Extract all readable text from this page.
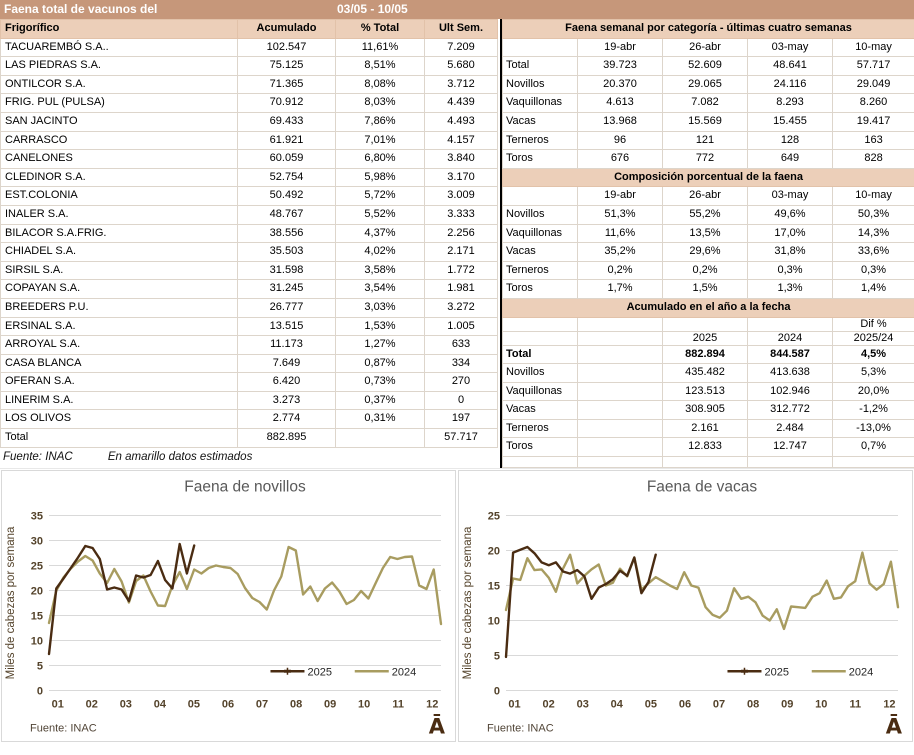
Faena total de vacunos del	03/05 - 10/05
Frigorífico	Acumulado	% Total	Ult Sem.
TACUAREMBÓ S.A..	102.547	11,61%	7.209
LAS PIEDRAS S.A.	75.125	8,51%	5.680
ONTILCOR S.A.	71.365	8,08%	3.712
FRIG. PUL (PULSA)	70.912	8,03%	4.439
SAN JACINTO	69.433	7,86%	4.493
CARRASCO	61.921	7,01%	4.157
CANELONES	60.059	6,80%	3.840
CLEDINOR S.A.	52.754	5,98%	3.170
EST.COLONIA	50.492	5,72%	3.009
INALER S.A.	48.767	5,52%	3.333
BILACOR S.A.FRIG.	38.556	4,37%	2.256
CHIADEL S.A.	35.503	4,02%	2.171
SIRSIL S.A.	31.598	3,58%	1.772
COPAYAN S.A.	31.245	3,54%	1.981
BREEDERS P.U.	26.777	3,03%	3.272
ERSINAL S.A.	13.515	1,53%	1.005
ARROYAL S.A.	11.173	1,27%	633
CASA BLANCA	7.649	0,87%	334
OFERAN S.A.	6.420	0,73%	270
LINERIM S.A.	3.273	0,37%	0
LOS OLIVOS	2.774	0,31%	197
Total	882.895		57.717
Fuente: INAC	En amarillo datos estimados
Faena semanal por categoría - últimas cuatro semanas				
	19-abr	26-abr	03-may	10-may
Total	39.723	52.609	48.641	57.717
Novillos	20.370	29.065	24.116	29.049
Vaquillonas	4.613	7.082	8.293	8.260
Vacas	13.968	15.569	15.455	19.417
Terneros	96	121	128	163
Toros	676	772	649	828
Composición porcentual de la faena				
	19-abr	26-abr	03-may	10-may
Novillos	51,3%	55,2%	49,6%	50,3%
Vaquillonas	11,6%	13,5%	17,0%	14,3%
Vacas	35,2%	29,6%	31,8%	33,6%
Terneros	0,2%	0,2%	0,3%	0,3%
Toros	1,7%	1,5%	1,3%	1,4%
Acumulado en el año a la fecha				
				Dif %
		2025	2024	2025/24
Total		882.894	844.587	4,5%
Novillos		435.482	413.638	5,3%
Vaquillonas		123.513	102.946	20,0%
Vacas		308.905	312.772	-1,2%
Terneros		2.161	2.484	-13,0%
Toros		12.833	12.747	0,7%

0
5
10
15
20
25
30
35
01 02 03 04 05 06 07 08 09 10 11 12
Faena de novillos
Miles de cabezas por semana	2025	2024
Fuente: INAC	Ā
0
5
10
15
20
25
01 02 03 04 05 06 07 08 09 10 11 12
Faena de vacas
Miles de cabezas por semana	2025	2024
Fuente: INAC	Ā
